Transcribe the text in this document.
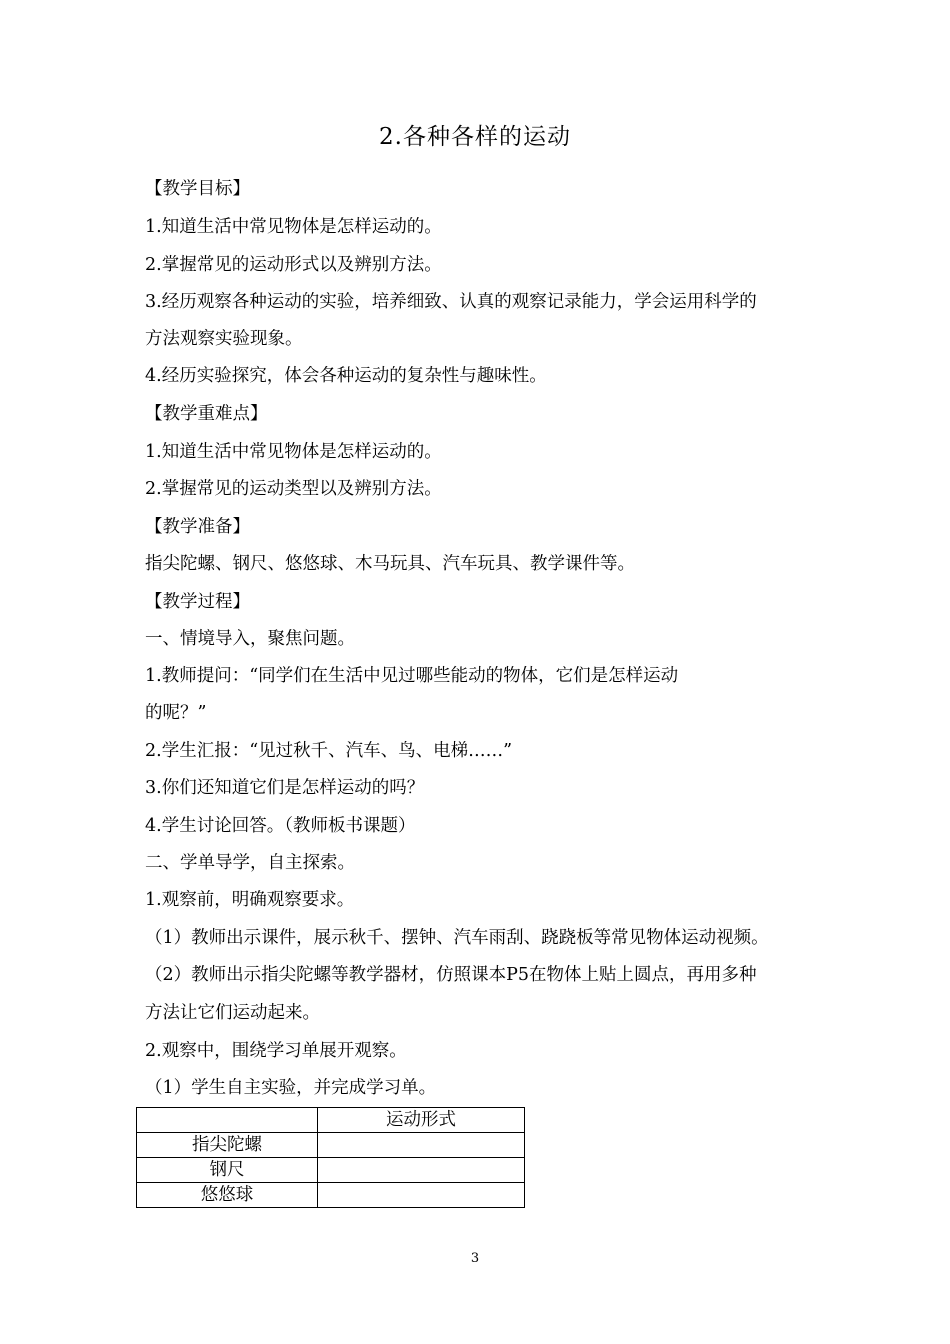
2.各种各样的运动
【教学目标】
1.知道生活中常见物体是怎样运动的。
2.掌握常见的运动形式以及辨别方法。
3.经历观察各种运动的实验，培养细致、认真的观察记录能力，学会运用科学的
方法观察实验现象。
4.经历实验探究，体会各种运动的复杂性与趣味性。
【教学重难点】
1.知道生活中常见物体是怎样运动的。
2.掌握常见的运动类型以及辨别方法。
【教学准备】
指尖陀螺、钢尺、悠悠球、木马玩具、汽车玩具、教学课件等。
【教学过程】
一、情境导入，聚焦问题。
1.教师提问：“同学们在生活中见过哪些能动的物体，它们是怎样运动
的呢？”
2.学生汇报：“见过秋千、汽车、鸟、电梯……”
3.你们还知道它们是怎样运动的吗？
4.学生讨论回答。（教师板书课题）
二、学单导学，自主探索。
1.观察前，明确观察要求。
（1）教师出示课件，展示秋千、摆钟、汽车雨刮、跷跷板等常见物体运动视频。
（2）教师出示指尖陀螺等教学器材，仿照课本P5在物体上贴上圆点，再用多种
方法让它们运动起来。
2.观察中，围绕学习单展开观察。
（1）学生自主实验，并完成学习单。
	运动形式
指尖陀螺	
钢尺	
悠悠球	
3
